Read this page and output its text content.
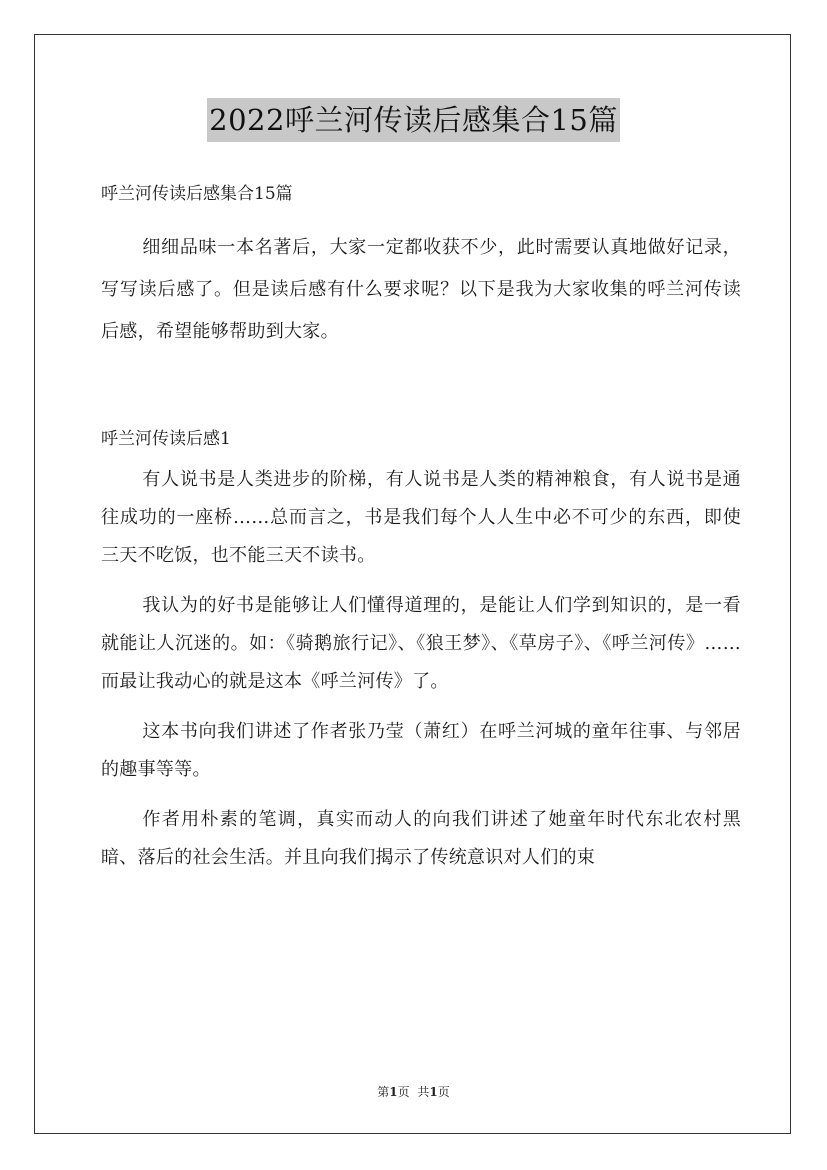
2022呼兰河传读后感集合15篇

呼兰河传读后感集合15篇

细细品味一本名著后，大家一定都收获不少，此时需要认真地做好记录，写写读后感了。但是读后感有什么要求呢？以下是我为大家收集的呼兰河传读后感，希望能够帮助到大家。

呼兰河传读后感1

有人说书是人类进步的阶梯，有人说书是人类的精神粮食，有人说书是通往成功的一座桥……总而言之，书是我们每个人人生中必不可少的东西，即使三天不吃饭，也不能三天不读书。

我认为的好书是能够让人们懂得道理的，是能让人们学到知识的，是一看就能让人沉迷的。如：《骑鹅旅行记》、《狼王梦》、《草房子》、《呼兰河传》……而最让我动心的就是这本《呼兰河传》了。

这本书向我们讲述了作者张乃莹（萧红）在呼兰河城的童年往事、与邻居的趣事等等。

作者用朴素的笔调，真实而动人的向我们讲述了她童年时代东北农村黑暗、落后的社会生活。并且向我们揭示了传统意识对人们的束

第1页 共1页
